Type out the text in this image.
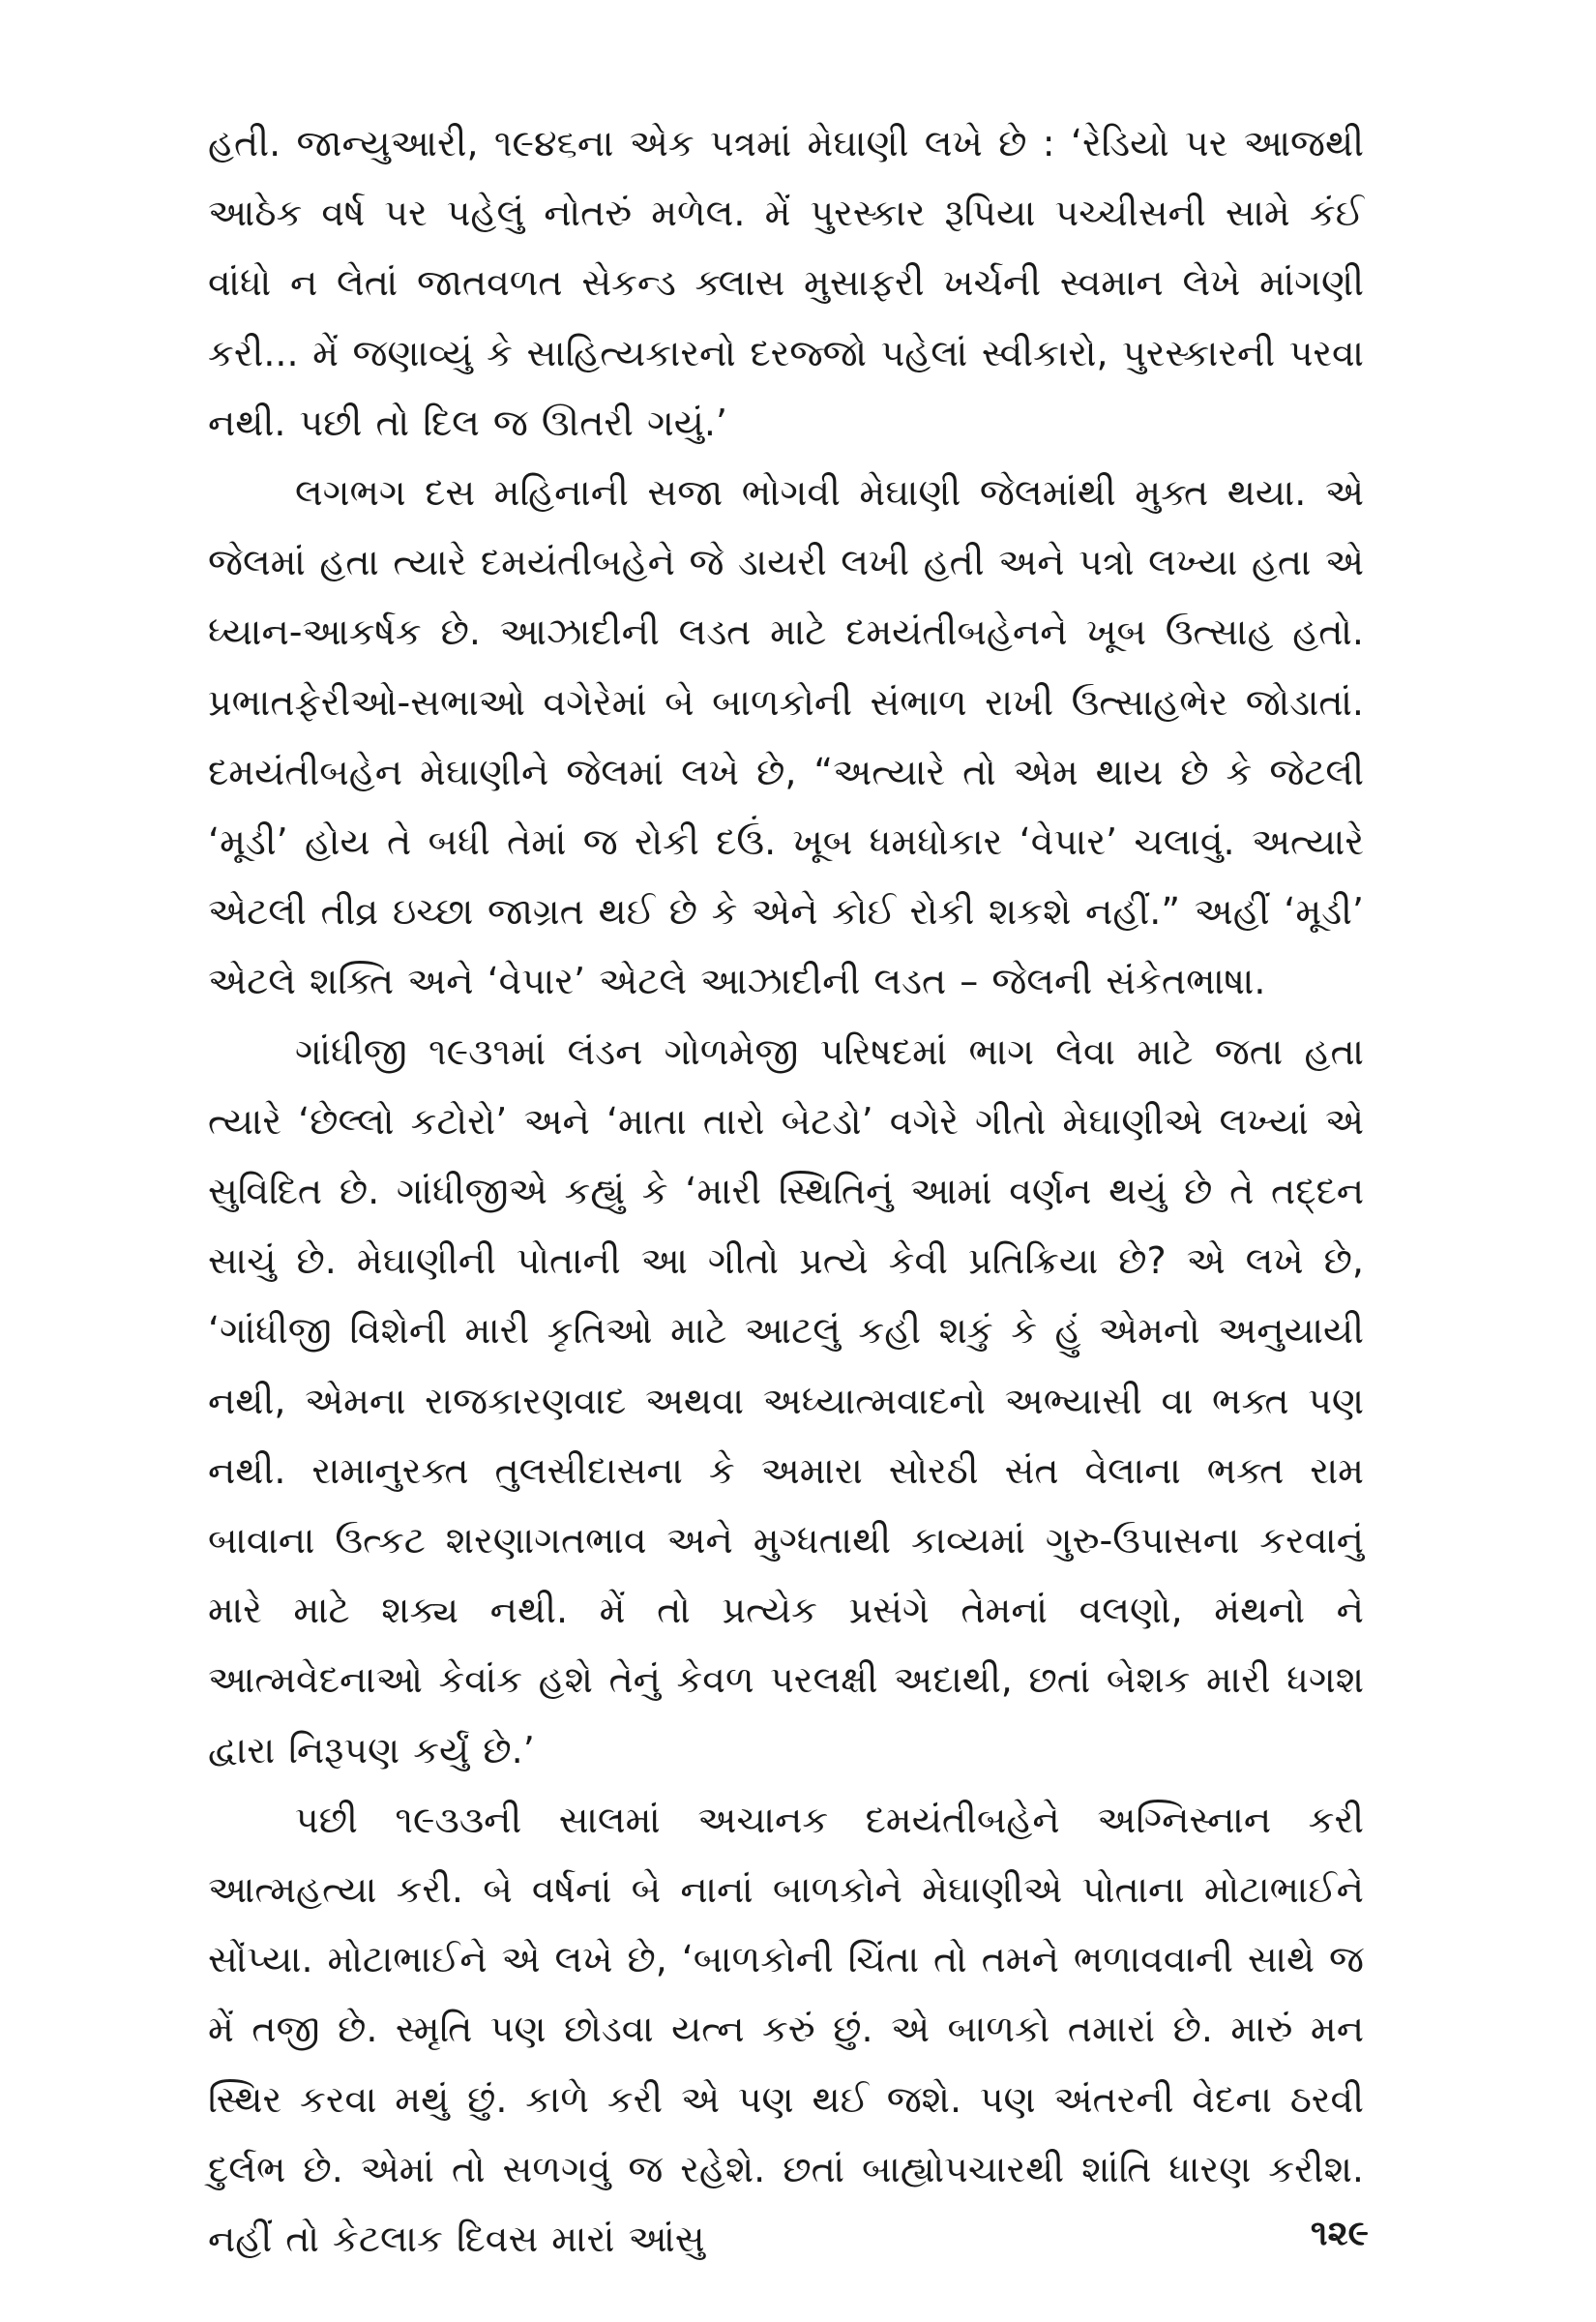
હતી. જાન્યુઆરી, ૧૯૪૬ના એક પત્રમાં મેઘાણી લખે છે : ‘રેડિયો પર આજથી આઠેક વર્ષ પર પહેલું નોતરું મળેલ. મેં પુરસ્કાર રૂપિયા પચ્ચીસની સામે કંઈ વાંધો ન લેતાં જાતવળત સેકન્ડ ક્લાસ મુસાફરી ખર્ચની સ્વમાન લેખે માંગણી કરી... મેં જણાવ્યું કે સાહિત્યકારનો દરજ્જો પહેલાં સ્વીકારો, પુરસ્કારની પરવા નથી. પછી તો દિલ જ ઊતરી ગયું.’

લગભગ દસ મહિનાની સજા ભોગવી મેઘાણી જેલમાંથી મુક્ત થયા. એ જેલમાં હતા ત્યારે દમયંતીબહેને જે ડાયરી લખી હતી અને પત્રો લખ્યા હતા એ ધ્યાન-આકર્ષક છે. આઝાદીની લડત માટે દમયંતીબહેનને ખૂબ ઉત્સાહ હતો. પ્રભાતફેરીઓ-સભાઓ વગેરેમાં બે બાળકોની સંભાળ રાખી ઉત્સાહભેર જોડાતાં. દમયંતીબહેન મેઘાણીને જેલમાં લખે છે, “અત્યારે તો એમ થાય છે કે જેટલી ‘મૂડી’ હોય તે બધી તેમાં જ રોકી દઉં. ખૂબ ધમધોકાર ‘વેપાર’ ચલાવું. અત્યારે એટલી તીવ્ર ઇચ્છા જાગ્રત થઈ છે કે એને કોઈ રોકી શકશે નહીં.” અહીં ‘મૂડી’ એટલે શક્તિ અને ‘વેપાર’ એટલે આઝાદીની લડત – જેલની સંકેતભાષા.

ગાંધીજી ૧૯૩૧માં લંડન ગોળમેજી પરિષદમાં ભાગ લેવા માટે જતા હતા ત્યારે ‘છેલ્લો કટોરો’ અને ‘માતા તારો બેટડો’ વગેરે ગીતો મેઘાણીએ લખ્યાં એ સુવિદિત છે. ગાંધીજીએ કહ્યું કે ‘મારી સ્થિતિનું આમાં વર્ણન થયું છે તે તદ્દન સાચું છે. મેઘાણીની પોતાની આ ગીતો પ્રત્યે કેવી પ્રતિક્રિયા છે? એ લખે છે, ‘ગાંધીજી વિશેની મારી કૃતિઓ માટે આટલું કહી શકું કે હું એમનો અનુયાયી નથી, એમના રાજકારણવાદ અથવા અધ્યાત્મવાદનો અભ્યાસી વા ભક્ત પણ નથી. રામાનુરક્ત તુલસીદાસના કે અમારા સોરઠી સંત વેલાના ભક્ત રામ બાવાના ઉત્કટ શરણાગતભાવ અને મુગ્ધતાથી કાવ્યમાં ગુરુ-ઉપાસના કરવાનું મારે માટે શક્ય નથી. મેં તો પ્રત્યેક પ્રસંગે તેમનાં વલણો, મંથનો ને આત્મવેદનાઓ કેવાંક હશે તેનું કેવળ પરલક્ષી અદાથી, છતાં બેશક મારી ધગશ દ્વારા નિરૂપણ કર્યું છે.’

પછી ૧૯૩૩ની સાલમાં અચાનક દમયંતીબહેને અગ્નિસ્નાન કરી આત્મહત્યા કરી. બે વર્ષનાં બે નાનાં બાળકોને મેઘાણીએ પોતાના મોટાભાઈને સોંપ્યા. મોટાભાઈને એ લખે છે, ‘બાળકોની ચિંતા તો તમને ભળાવવાની સાથે જ મેં તજી છે. સ્મૃતિ પણ છોડવા યત્ન કરું છું. એ બાળકો તમારાં છે. મારું મન સ્થિર કરવા મથું છું. કાળે કરી એ પણ થઈ જશે. પણ અંતરની વેદના ઠરવી દુર્લભ છે. એમાં તો સળગવું જ રહેશે. છતાં બાહ્યોપચારથી શાંતિ ધારણ કરીશ. નહીં તો કેટલાક દિવસ મારાં આંસુ	૧૨૯
